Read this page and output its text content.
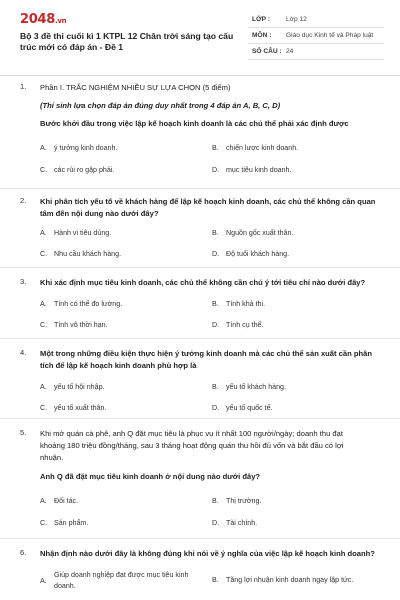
2048.vn
Bộ 3 đề thi cuối kì 1 KTPL 12 Chân trời sáng tạo cấu trúc mới có đáp án - Đề 1
LỚP : Lớp 12
MÔN : Giáo dục Kinh tế và Pháp luật
SỐ CÂU : 24
1. Phần I. TRẮC NGHIỆM NHIỀU SỰ LỰA CHỌN (5 điểm)
(Thí sinh lựa chọn đáp án đúng duy nhất trong 4 đáp án A, B, C, D)
Bước khởi đầu trong việc lập kế hoạch kinh doanh là các chủ thể phải xác định được
A. ý tưởng kinh doanh.	B. chiến lược kinh doanh.
C. các rủi ro gặp phải.	D. mục tiêu kinh doanh.
2. Khi phân tích yếu tố về khách hàng để lập kế hoạch kinh doanh, các chủ thể không cần quan
tâm đến nội dung nào dưới đây?
A. Hành vi tiêu dùng.	B. Nguồn gốc xuất thân.
C. Nhu cầu khách hàng.	D. Độ tuổi khách hàng.
3. Khi xác định mục tiêu kinh doanh, các chủ thể không cần chú ý tới tiêu chí nào dưới đây?
A. Tính có thể đo lường.	B. Tính khả thi.
C. Tính vô thời hạn.	D. Tính cụ thể.
4. Một trong những điều kiện thực hiện ý tưởng kinh doanh mà các chủ thể sản xuất cần phân
tích để lập kế hoạch kinh doanh phù hợp là
A. yếu tố hội nhập.	B. yếu tố khách hàng.
C. yếu tố xuất thân.	D. yếu tố quốc tế.
5. Khi mở quán cà phê, anh Q đặt mục tiêu là phục vụ ít nhất 100 người/ngày; doanh thu đạt
khoảng 180 triệu đồng/tháng, sau 3 tháng hoạt động quán thu hồi đủ vốn và bắt đầu có lợi
nhuận.
Anh Q đã đặt mục tiêu kinh doanh ở nội dung nào dưới đây?
A. Đối tác.	B. Thị trường.
C. Sản phẩm.	D. Tài chính.
6. Nhận định nào dưới đây là không đúng khi nói về ý nghĩa của việc lập kế hoạch kinh doanh?
A.
Giúp doanh nghiệp đạt được mục tiêu kinh
doanh.
B. Tăng lợi nhuận kinh doanh ngay lập tức.
